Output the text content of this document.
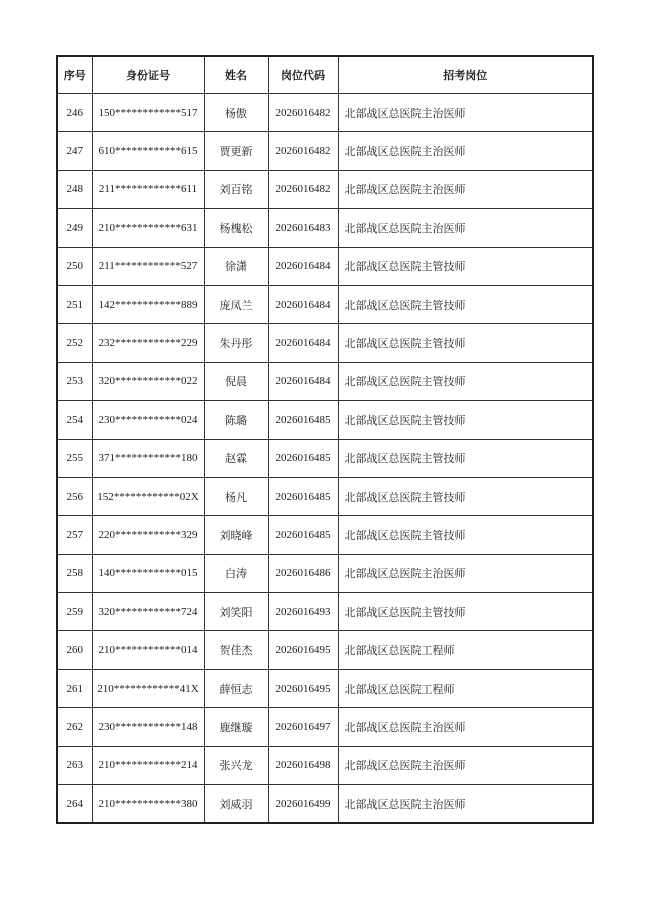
序号	身份证号	姓名	岗位代码	招考岗位
246	150************517	杨傲	2026016482	北部战区总医院主治医师
247	610************615	贾更新	2026016482	北部战区总医院主治医师
248	211************611	刘百铭	2026016482	北部战区总医院主治医师
249	210************631	杨槐松	2026016483	北部战区总医院主治医师
250	211************527	徐潇	2026016484	北部战区总医院主管技师
251	142************889	庞凤兰	2026016484	北部战区总医院主管技师
252	232************229	朱丹彤	2026016484	北部战区总医院主管技师
253	320************022	倪晨	2026016484	北部战区总医院主管技师
254	230************024	陈璐	2026016485	北部战区总医院主管技师
255	371************180	赵霖	2026016485	北部战区总医院主管技师
256	152************02X	杨凡	2026016485	北部战区总医院主管技师
257	220************329	刘晓峰	2026016485	北部战区总医院主管技师
258	140************015	白涛	2026016486	北部战区总医院主治医师
259	320************724	刘笑阳	2026016493	北部战区总医院主管技师
260	210************014	贺佳杰	2026016495	北部战区总医院工程师
261	210************41X	薛恒志	2026016495	北部战区总医院工程师
262	230************148	鹿继璇	2026016497	北部战区总医院主治医师
263	210************214	张兴龙	2026016498	北部战区总医院主治医师
264	210************380	刘威羽	2026016499	北部战区总医院主治医师
